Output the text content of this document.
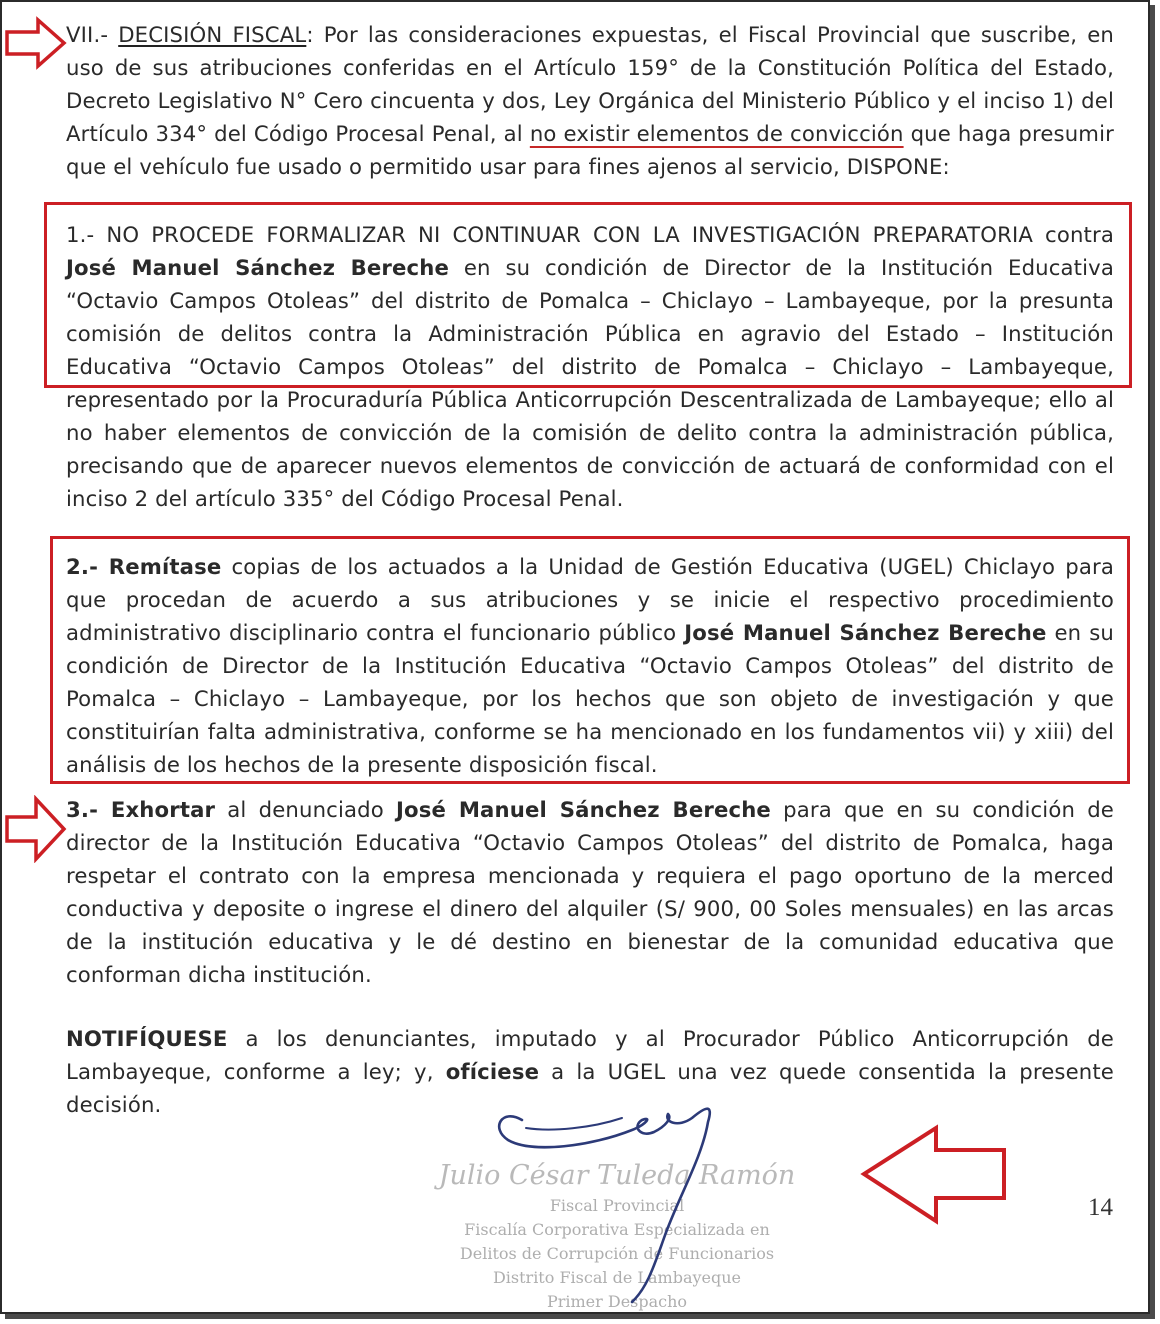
VII.- DECISIÓN FISCAL: Por las consideraciones expuestas, el Fiscal Provincial que suscribe, en uso de sus atribuciones conferidas en el Artículo 159° de la Constitución Política del Estado, Decreto Legislativo N° Cero cincuenta y dos, Ley Orgánica del Ministerio Público y el inciso 1) del Artículo 334° del Código Procesal Penal, al no existir elementos de convicción que haga presumir que el vehículo fue usado o permitido usar para fines ajenos al servicio, DISPONE:
1.- NO PROCEDE FORMALIZAR NI CONTINUAR CON LA INVESTIGACIÓN PREPARATORIA contra José Manuel Sánchez Bereche en su condición de Director de la Institución Educativa “Octavio Campos Otoleas” del distrito de Pomalca – Chiclayo – Lambayeque, por la presunta comisión de delitos contra la Administración Pública en agravio del Estado – Institución Educativa “Octavio Campos Otoleas” del distrito de Pomalca – Chiclayo – Lambayeque, representado por la Procuraduría Pública Anticorrupción Descentralizada de Lambayeque; ello al no haber elementos de convicción de la comisión de delito contra la administración pública, precisando que de aparecer nuevos elementos de convicción de actuará de conformidad con el inciso 2 del artículo 335° del Código Procesal Penal.
2.- Remítase copias de los actuados a la Unidad de Gestión Educativa (UGEL) Chiclayo para que procedan de acuerdo a sus atribuciones y se inicie el respectivo procedimiento administrativo disciplinario contra el funcionario público José Manuel Sánchez Bereche en su condición de Director de la Institución Educativa “Octavio Campos Otoleas” del distrito de Pomalca – Chiclayo – Lambayeque, por los hechos que son objeto de investigación y que constituirían falta administrativa, conforme se ha mencionado en los fundamentos vii) y xiii) del análisis de los hechos de la presente disposición fiscal.
3.- Exhortar al denunciado José Manuel Sánchez Bereche para que en su condición de director de la Institución Educativa “Octavio Campos Otoleas” del distrito de Pomalca, haga respetar el contrato con la empresa mencionada y requiera el pago oportuno de la merced conductiva y deposite o ingrese el dinero del alquiler (S/ 900, 00 Soles mensuales) en las arcas de la institución educativa y le dé destino en bienestar de la comunidad educativa que conforman dicha institución.
NOTIFÍQUESE a los denunciantes, imputado y al Procurador Público Anticorrupción de Lambayeque, conforme a ley; y, ofíciese a la UGEL una vez quede consentida la presente decisión.
Julio César Tuleda Ramón
Fiscal Provincial
Fiscalía Corporativa Especializada en
Delitos de Corrupción de Funcionarios
Distrito Fiscal de Lambayeque
Primer Despacho
14
